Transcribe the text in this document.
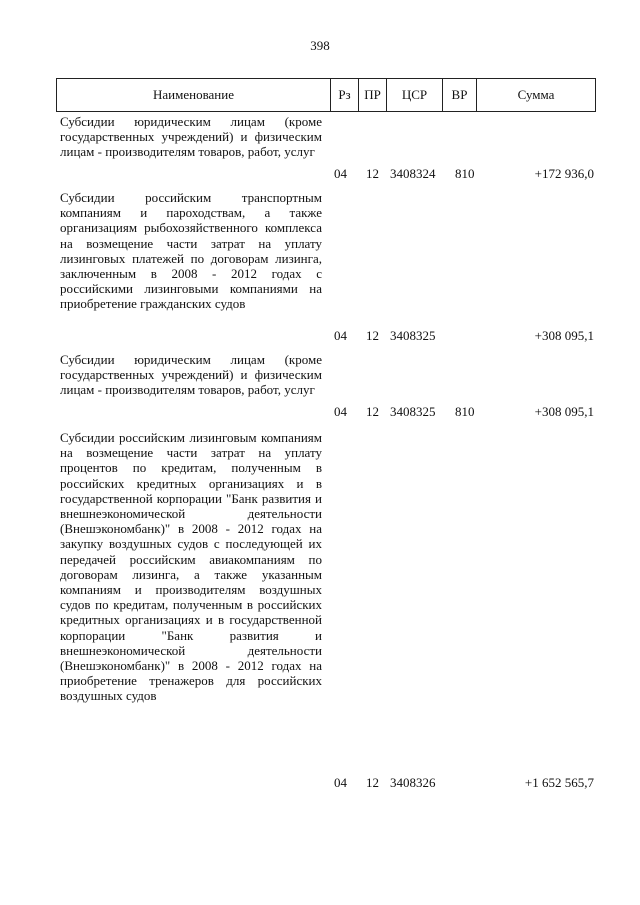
398
Наименование	Рз	ПР	ЦСР	ВР	Сумма
Субсидии юридическим лицам (кроме государственных учреждений) и физическим лицам - производителям товаров, работ, услуг
04 12 3408324 810	+172 936,0
Субсидии российским транспортным компаниям и пароходствам, а также организациям рыбохозяйственного комплекса на возмещение части затрат на уплату лизинговых платежей по договорам лизинга, заключенным в 2008 - 2012 годах с российскими лизинговыми компаниями на приобретение гражданских судов
04 12 3408325	+308 095,1
Субсидии юридическим лицам (кроме государственных учреждений) и физическим лицам - производителям товаров, работ, услуг
04 12 3408325 810	+308 095,1
Субсидии российским лизинговым компаниям на возмещение части затрат на уплату процентов по кредитам, полученным в российских кредитных организациях и в государственной корпорации "Банк развития и внешнеэкономической деятельности (Внешэкономбанк)" в 2008 - 2012 годах на закупку воздушных судов с последующей их передачей российским авиакомпаниям по договорам лизинга, а также указанным компаниям и производителям воздушных судов по кредитам, полученным в российских кредитных организациях и в государственной корпорации "Банк развития и внешнеэкономической деятельности (Внешэкономбанк)" в 2008 - 2012 годах на приобретение тренажеров для российских воздушных судов
04 12 3408326	+1 652 565,7
